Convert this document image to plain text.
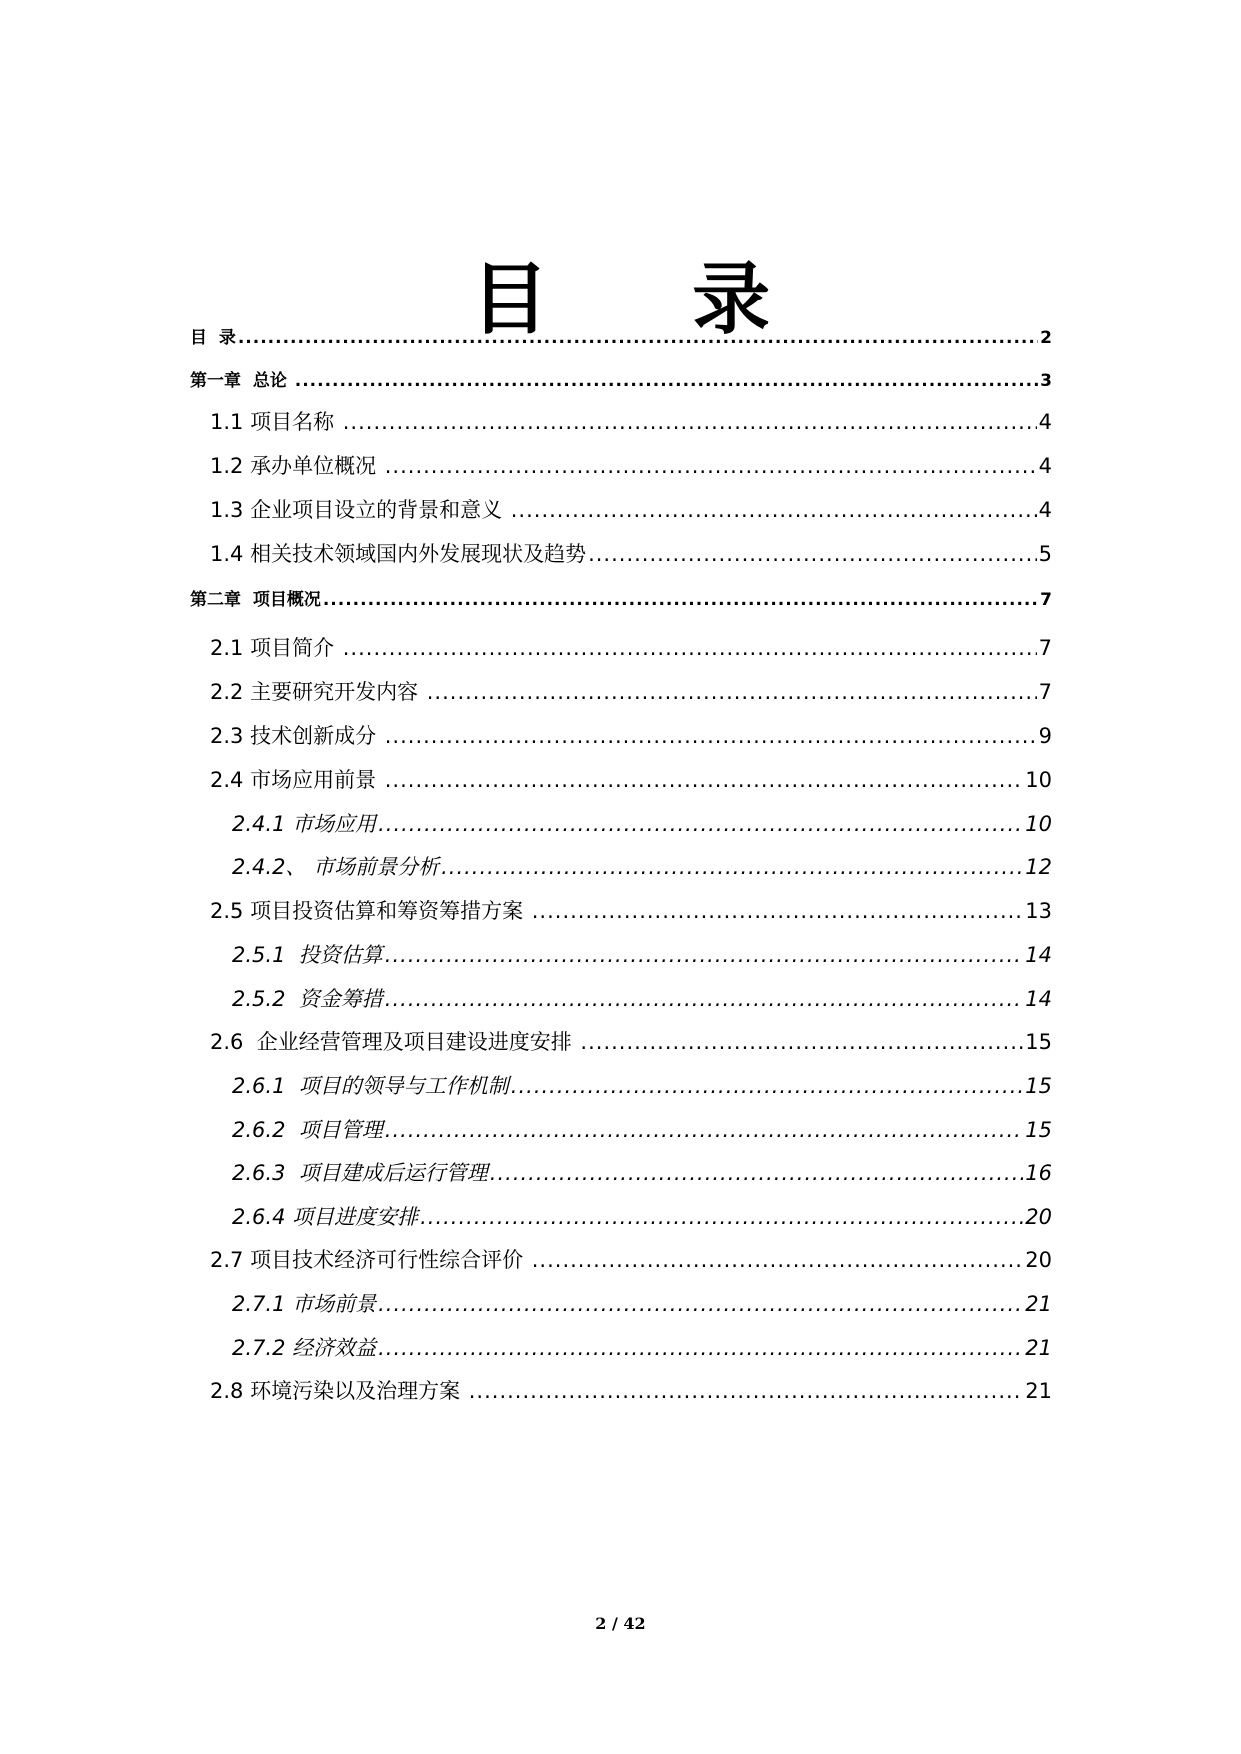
目 录
目  录 .....	2
第一章  总论 .....	3
1.1 项目名称 .....	4
1.2 承办单位概况 .....	4
1.3 企业项目设立的背景和意义 .....	4
1.4 相关技术领域国内外发展现状及趋势 .....	5
第二章  项目概况 .....	7
2.1 项目简介 .....	7
2.2 主要研究开发内容 .....	7
2.3 技术创新成分 .....	9
2.4 市场应用前景 .....	10
2.4.1 市场应用 .....	10
2.4.2、 市场前景分析 .....	12
2.5 项目投资估算和筹资筹措方案 .....	13
2.5.1  投资估算 .....	14
2.5.2  资金筹措 .....	14
2.6  企业经营管理及项目建设进度安排 .....	15
2.6.1  项目的领导与工作机制 .....	15
2.6.2  项目管理 .....	15
2.6.3  项目建成后运行管理 .....	16
2.6.4 项目进度安排 .....	20
2.7 项目技术经济可行性综合评价 .....	20
2.7.1 市场前景 .....	21
2.7.2 经济效益 .....	21
2.8 环境污染以及治理方案 .....	21
2 / 42
